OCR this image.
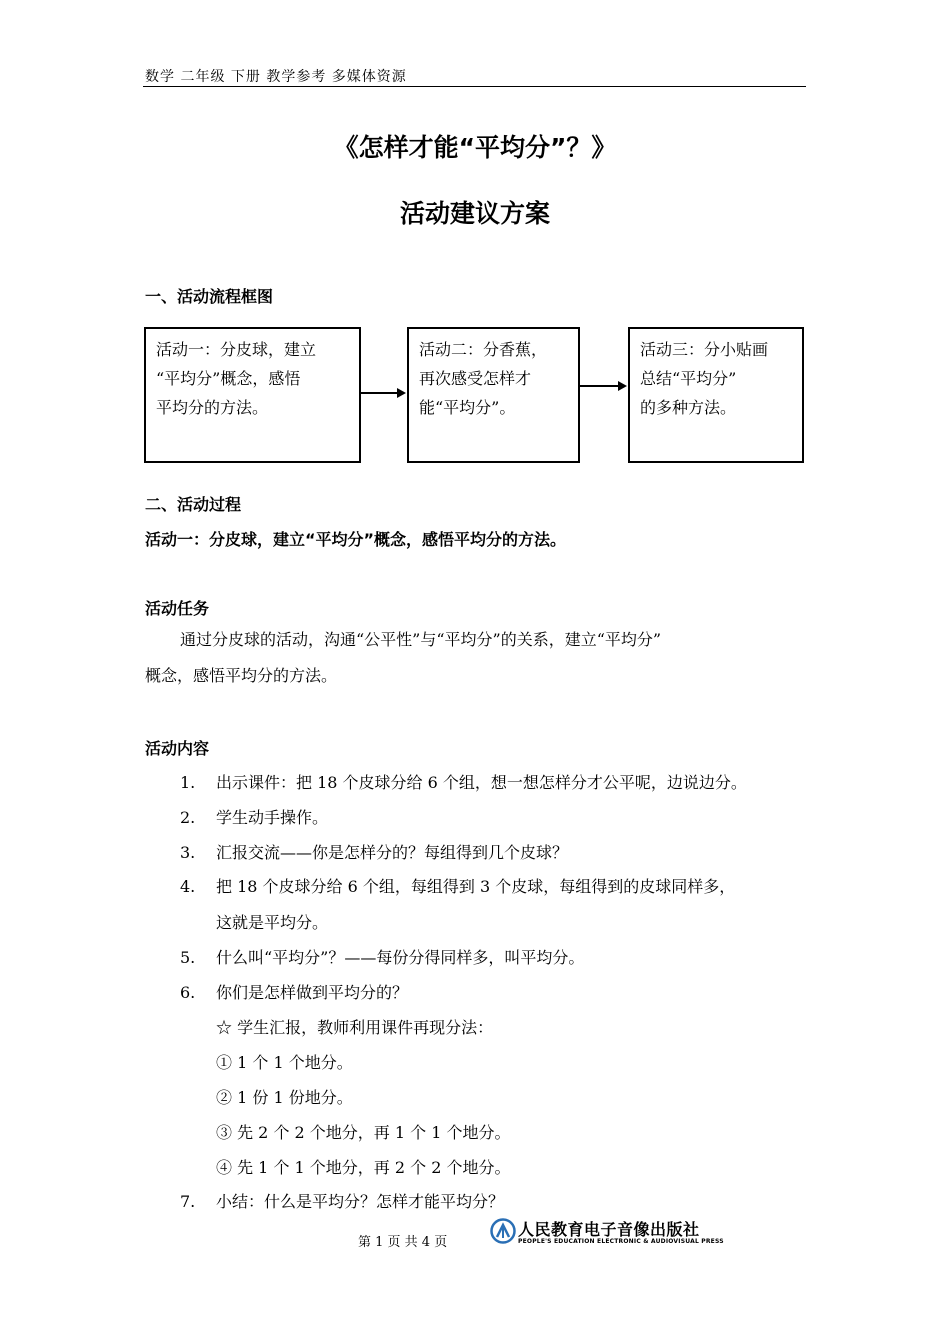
数学 二年级 下册 教学参考 多媒体资源
《怎样才能“平均分”？》
活动建议方案
一、活动流程框图
活动一：分皮球，建立
“平均分”概念，感悟
平均分的方法。
活动二：分香蕉，
再次感受怎样才
能“平均分”。
活动三：分小贴画
总结“平均分”
的多种方法。
二、活动过程
活动一：分皮球，建立“平均分”概念，感悟平均分的方法。
活动任务
通过分皮球的活动，沟通“公平性”与“平均分”的关系，建立“平均分”
概念，感悟平均分的方法。
活动内容
1. 出示课件：把 18 个皮球分给 6 个组，想一想怎样分才公平呢，边说边分。
2. 学生动手操作。
3. 汇报交流——你是怎样分的？每组得到几个皮球？
4. 把 18 个皮球分给 6 个组，每组得到 3 个皮球，每组得到的皮球同样多，
这就是平均分。
5. 什么叫“平均分”？——每份分得同样多，叫平均分。
6. 你们是怎样做到平均分的？
☆ 学生汇报，教师利用课件再现分法：
① 1 个 1 个地分。
② 1 份 1 份地分。
③ 先 2 个 2 个地分，再 1 个 1 个地分。
④ 先 1 个 1 个地分，再 2 个 2 个地分。
7. 小结：什么是平均分？怎样才能平均分？
第 1 页 共 4 页
人民教育电子音像出版社
PEOPLE'S EDUCATION ELECTRONIC & AUDIOVISUAL PRESS
